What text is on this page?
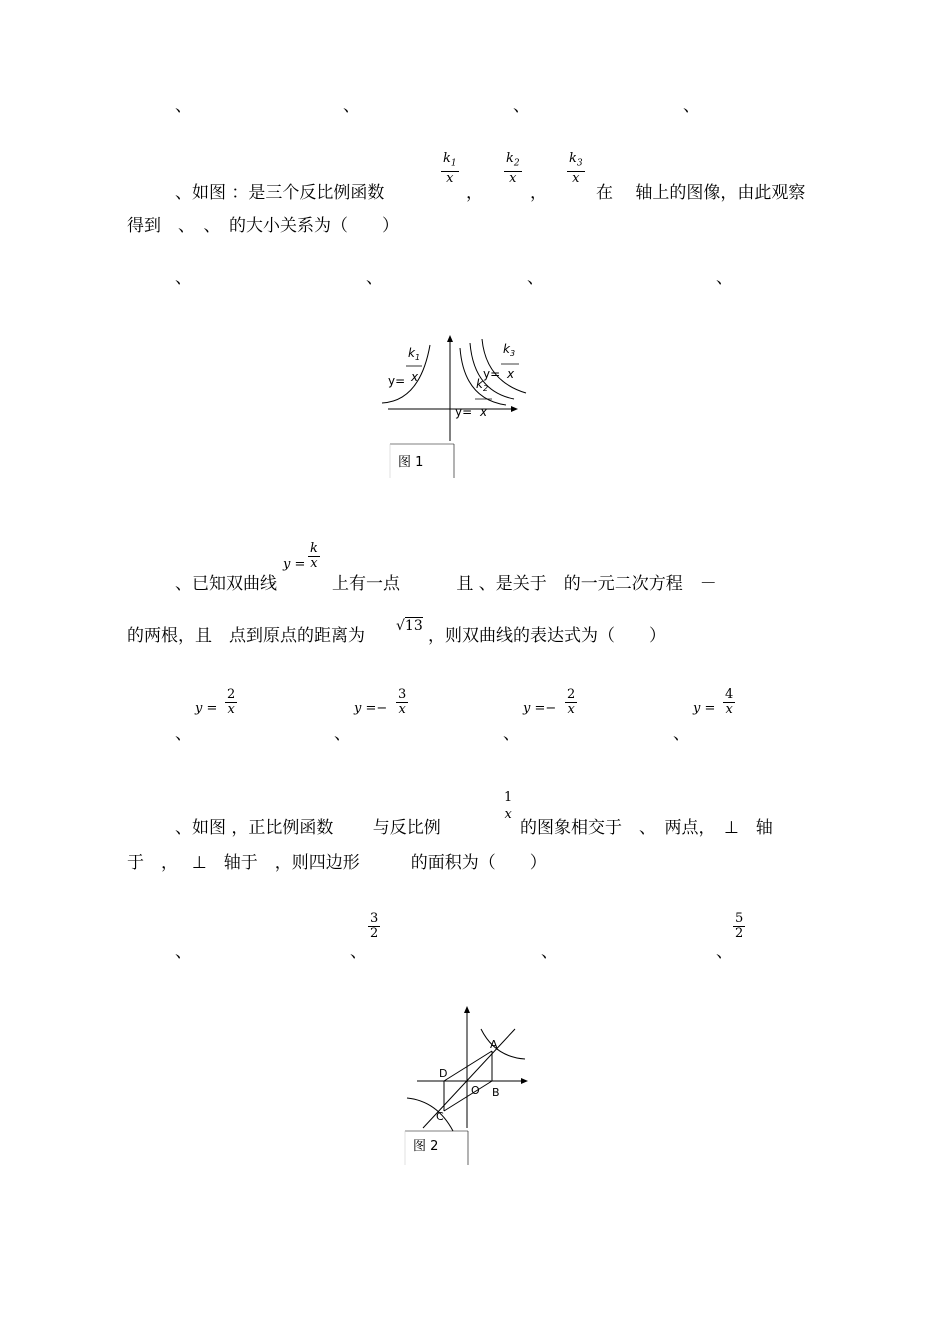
、	、	、	、
、如图 ：是三个反比例函数
$\frac{k_1}{x}$
，
$\frac{k_2}{x}$
，
$\frac{k_3}{x}$
在　 轴上的图像，由此观察
得到　、　、　的大小关系为（　　）
、	、	、	、
y=
$k_1$
x
$k_3$
x
y=
$k_2$
x
y=
图 1
$y = \frac{k}{x}$
、已知双曲线	上有一点　　　 且 、是关于　的一元二次方程　－
的两根，且　点到原点的距离为 √13 ，则双曲线的表达式为（　　）
、
$y = \frac{2}{x}$
、
$y =- \frac{3}{x}$
、
$y =- \frac{2}{x}$
、
$y = \frac{4}{x}$
、如图 ，正比例函数　　 与反比例
1
x
的图象相交于　、　两点，　⊥　轴
于　，　 ⊥　轴于　，则四边形　　　的面积为（　　）
、	、
$\frac{3}{2}$
、	、
$\frac{5}{2}$
A
B
C
D
O
图 2
